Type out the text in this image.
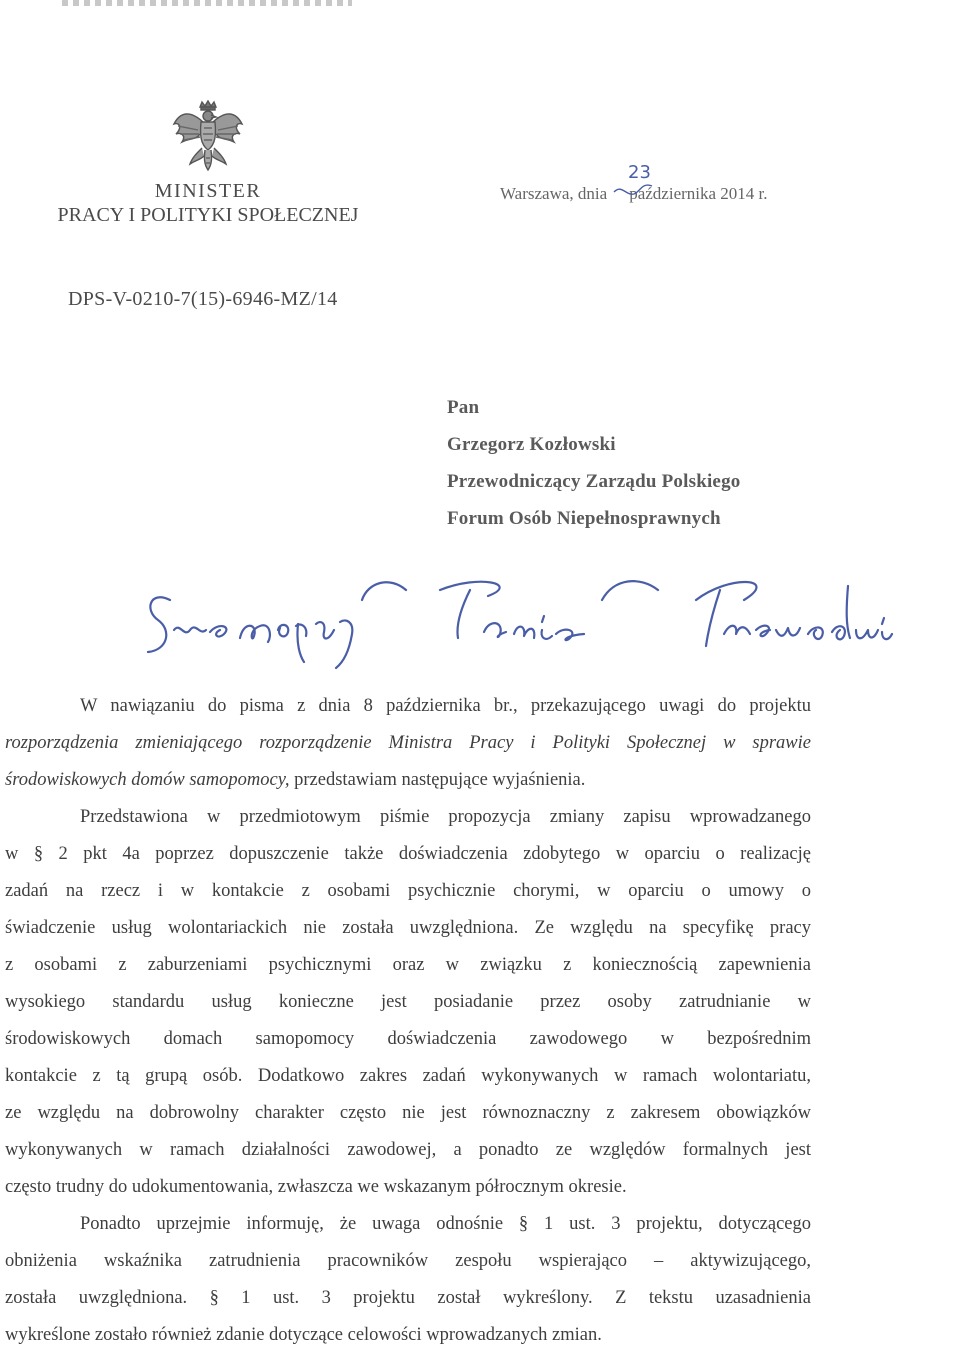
MINISTER
PRACY I POLITYKI SPOŁECZNEJ
Warszawa, dnia października 2014 r.
23
DPS-V-0210-7(15)-6946-MZ/14
Pan
Grzegorz Kozłowski
Przewodniczący Zarządu Polskiego
Forum Osób Niepełnosprawnych
W nawiązaniu do pisma z dnia 8 października br., przekazującego uwagi do projektu
rozporządzenia zmieniającego rozporządzenie Ministra Pracy i Polityki Społecznej w sprawie
środowiskowych domów samopomocy, przedstawiam następujące wyjaśnienia.
Przedstawiona w przedmiotowym piśmie propozycja zmiany zapisu wprowadzanego
w § 2 pkt 4a poprzez dopuszczenie także doświadczenia zdobytego w oparciu o realizację
zadań na rzecz i w kontakcie z osobami psychicznie chorymi, w oparciu o umowy o
świadczenie usług wolontariackich nie została uwzględniona. Ze względu na specyfikę pracy
z osobami z zaburzeniami psychicznymi oraz w związku z koniecznością zapewnienia
wysokiego standardu usług konieczne jest posiadanie przez osoby zatrudnianie w
środowiskowych domach samopomocy doświadczenia zawodowego w bezpośrednim
kontakcie z tą grupą osób. Dodatkowo zakres zadań wykonywanych w ramach wolontariatu,
ze względu na dobrowolny charakter często nie jest równoznaczny z zakresem obowiązków
wykonywanych w ramach działalności zawodowej, a ponadto ze względów formalnych jest
często trudny do udokumentowania, zwłaszcza we wskazanym półrocznym okresie.
Ponadto uprzejmie informuję, że uwaga odnośnie § 1 ust. 3 projektu, dotyczącego
obniżenia wskaźnika zatrudnienia pracowników zespołu wspierająco – aktywizującego,
została uwzględniona. § 1 ust. 3 projektu został wykreślony. Z tekstu uzasadnienia
wykreślone zostało również zdanie dotyczące celowości wprowadzanych zmian.
